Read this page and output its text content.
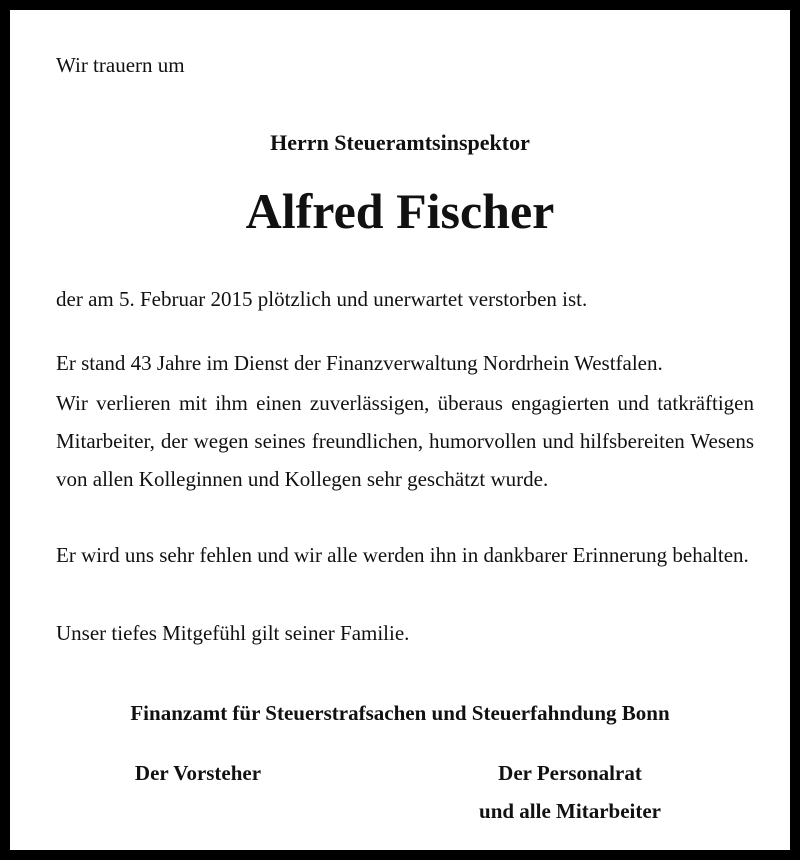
Wir trauern um

Herrn Steueramtsinspektor
Alfred Fischer

der am 5. Februar 2015 plötzlich und unerwartet verstorben ist.

Er stand 43 Jahre im Dienst der Finanzverwaltung Nordrhein Westfalen.

Wir verlieren mit ihm einen zuverlässigen, überaus engagierten und tatkräftigen Mitarbeiter, der wegen seines freundlichen, humorvollen und hilfsbereiten Wesens von allen Kolleginnen und Kollegen sehr geschätzt wurde.

Er wird uns sehr fehlen und wir alle werden ihn in dankbarer Erinnerung behalten.

Unser tiefes Mitgefühl gilt seiner Familie.

Finanzamt für Steuerstrafsachen und Steuerfahndung Bonn
Der Vorsteher	Der Personalrat
und alle Mitarbeiter
